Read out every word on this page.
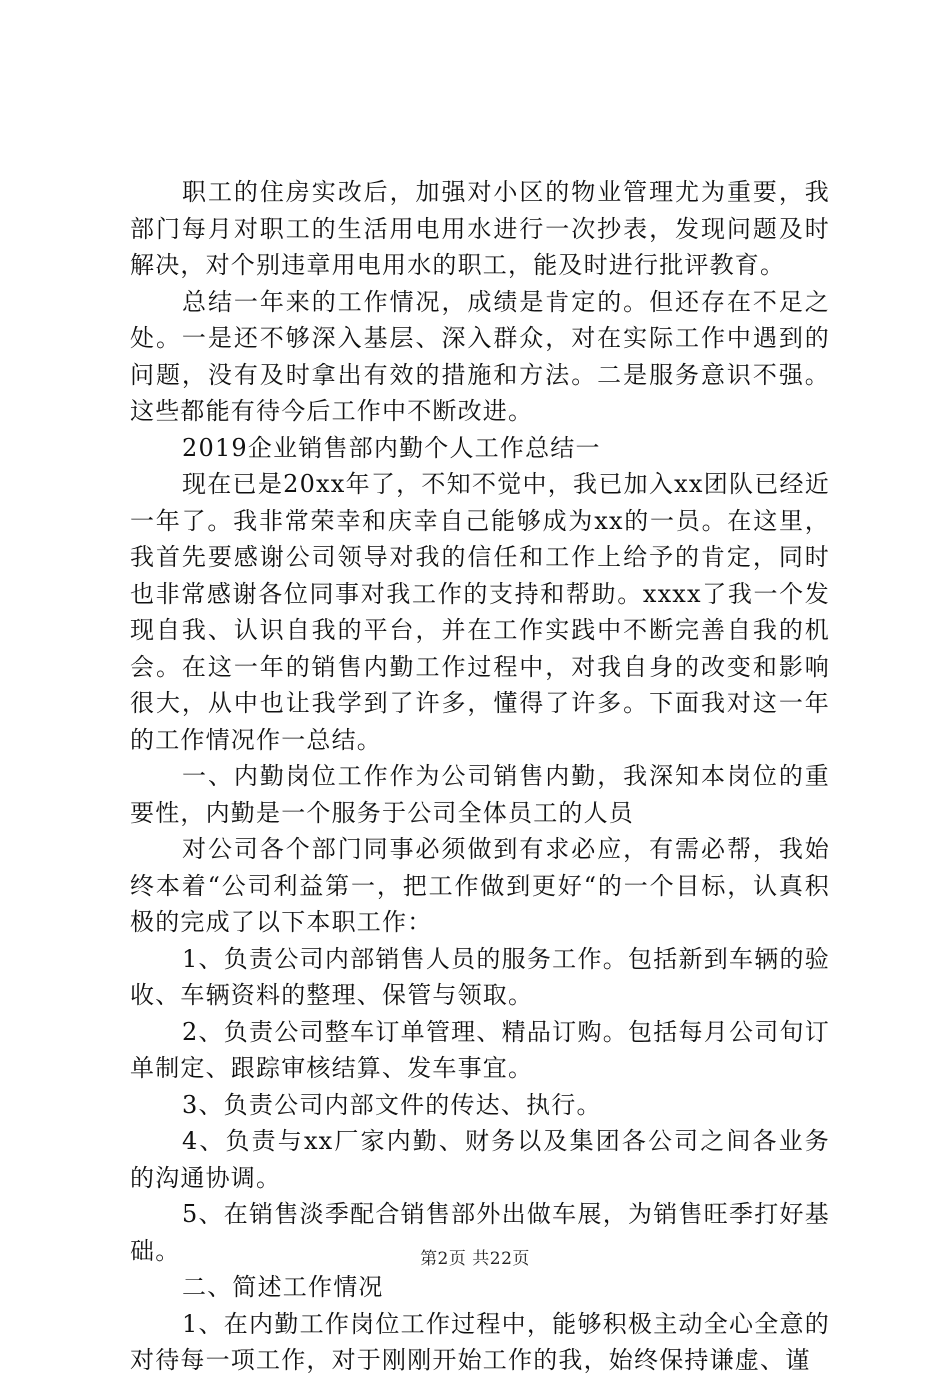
职工的住房实改后，加强对小区的物业管理尤为重要，我部门每月对职工的生活用电用水进行一次抄表，发现问题及时解决，对个别违章用电用水的职工，能及时进行批评教育。

总结一年来的工作情况，成绩是肯定的。但还存在不足之处。一是还不够深入基层、深入群众，对在实际工作中遇到的问题，没有及时拿出有效的措施和方法。二是服务意识不强。这些都能有待今后工作中不断改进。

2019企业销售部内勤个人工作总结一

现在已是20xx年了，不知不觉中，我已加入xx团队已经近一年了。我非常荣幸和庆幸自己能够成为xx的一员。在这里，我首先要感谢公司领导对我的信任和工作上给予的肯定，同时也非常感谢各位同事对我工作的支持和帮助。xxxx了我一个发现自我、认识自我的平台，并在工作实践中不断完善自我的机会。在这一年的销售内勤工作过程中，对我自身的改变和影响很大，从中也让我学到了许多，懂得了许多。下面我对这一年的工作情况作一总结。

一、内勤岗位工作作为公司销售内勤，我深知本岗位的重要性，内勤是一个服务于公司全体员工的人员

对公司各个部门同事必须做到有求必应，有需必帮，我始终本着“公司利益第一，把工作做到更好“的一个目标，认真积极的完成了以下本职工作：

1、负责公司内部销售人员的服务工作。包括新到车辆的验收、车辆资料的整理、保管与领取。

2、负责公司整车订单管理、精品订购。包括每月公司旬订单制定、跟踪审核结算、发车事宜。

3、负责公司内部文件的传达、执行。

4、负责与xx厂家内勤、财务以及集团各公司之间各业务的沟通协调。

5、在销售淡季配合销售部外出做车展，为销售旺季打好基础。

二、简述工作情况

1、在内勤工作岗位工作过程中，能够积极主动全心全意的对待每一项工作，对于刚刚开始工作的我，始终保持谦虚、谨

第2页 共22页
